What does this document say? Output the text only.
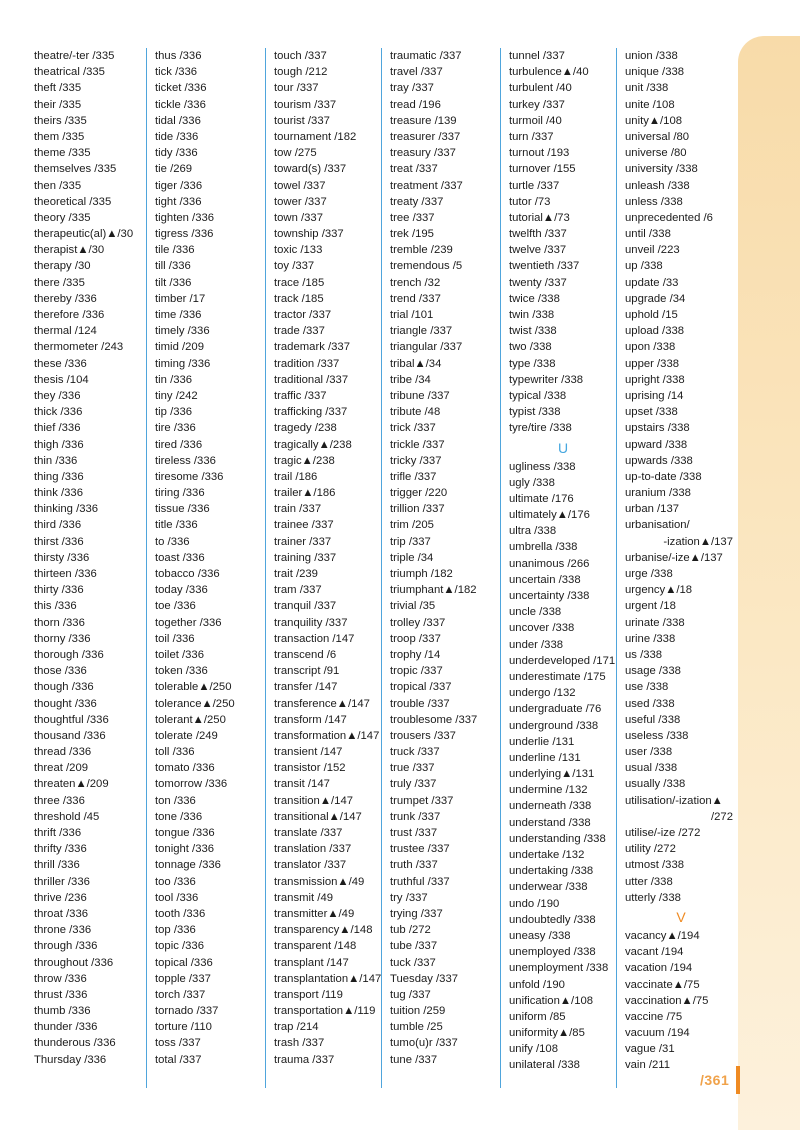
theatre/-ter /335
theatrical /335
theft /335
their /335
theirs /335
them /335
theme /335
themselves /335
then /335
theoretical /335
theory /335
therapeutic(al)▲/30
therapist▲/30
therapy /30
there /335
thereby /336
therefore /336
thermal /124
thermometer /243
these /336
thesis /104
they /336
thick /336
thief /336
thigh /336
thin /336
thing /336
think /336
thinking /336
third /336
thirst /336
thirsty /336
thirteen /336
thirty /336
this /336
thorn /336
thorny /336
thorough /336
those /336
though /336
thought /336
thoughtful /336
thousand /336
thread /336
threat /209
threaten▲/209
three /336
threshold /45
thrift /336
thrifty /336
thrill /336
thriller /336
thrive /236
throat /336
throne /336
through /336
throughout /336
throw /336
thrust /336
thumb /336
thunder /336
thunderous /336
Thursday /336
thus /336
tick /336
ticket /336
tickle /336
tidal /336
tide /336
tidy /336
tie /269
tiger /336
tight /336
tighten /336
tigress /336
tile /336
till /336
tilt /336
timber /17
time /336
timely /336
timid /209
timing /336
tin /336
tiny /242
tip /336
tire /336
tired /336
tireless /336
tiresome /336
tiring /336
tissue /336
title /336
to /336
toast /336
tobacco /336
today /336
toe /336
together /336
toil /336
toilet /336
token /336
tolerable▲/250
tolerance▲/250
tolerant▲/250
tolerate /249
toll /336
tomato /336
tomorrow /336
ton /336
tone /336
tongue /336
tonight /336
tonnage /336
too /336
tool /336
tooth /336
top /336
topic /336
topical /336
topple /337
torch /337
tornado /337
torture /110
toss /337
total /337
touch /337
tough /212
tour /337
tourism /337
tourist /337
tournament /182
tow /275
toward(s) /337
towel /337
tower /337
town /337
township /337
toxic /133
toy /337
trace /185
track /185
tractor /337
trade /337
trademark /337
tradition /337
traditional /337
traffic /337
trafficking /337
tragedy /238
tragically▲/238
tragic▲/238
trail /186
trailer▲/186
train /337
trainee /337
trainer /337
training /337
trait /239
tram /337
tranquil /337
tranquility /337
transaction /147
transcend /6
transcript /91
transfer /147
transference▲/147
transform /147
transformation▲/147
transient /147
transistor /152
transit /147
transition▲/147
transitional▲/147
translate /337
translation /337
translator /337
transmission▲/49
transmit /49
transmitter▲/49
transparency▲/148
transparent /148
transplant /147
transplantation▲/147
transport /119
transportation▲/119
trap /214
trash /337
trauma /337
traumatic /337
travel /337
tray /337
tread /196
treasure /139
treasurer /337
treasury /337
treat /337
treatment /337
treaty /337
tree /337
trek /195
tremble /239
tremendous /5
trench /32
trend /337
trial /101
triangle /337
triangular /337
tribal▲/34
tribe /34
tribune /337
tribute /48
trick /337
trickle /337
tricky /337
trifle /337
trigger /220
trillion /337
trim /205
trip /337
triple /34
triumph /182
triumphant▲/182
trivial /35
trolley /337
troop /337
trophy /14
tropic /337
tropical /337
trouble /337
troublesome /337
trousers /337
truck /337
true /337
truly /337
trumpet /337
trunk /337
trust /337
trustee /337
truth /337
truthful /337
try /337
trying /337
tub /272
tube /337
tuck /337
Tuesday /337
tug /337
tuition /259
tumble /25
tumo(u)r /337
tune /337
tunnel /337
turbulence▲/40
turbulent /40
turkey /337
turmoil /40
turn /337
turnout /193
turnover /155
turtle /337
tutor /73
tutorial▲/73
twelfth /337
twelve /337
twentieth /337
twenty /337
twice /338
twin /338
twist /338
two /338
type /338
typewriter /338
typical /338
typist /338
tyre/tire /338
U
ugliness /338
ugly /338
ultimate /176
ultimately▲/176
ultra /338
umbrella /338
unanimous /266
uncertain /338
uncertainty /338
uncle /338
uncover /338
under /338
underdeveloped /171
underestimate /175
undergo /132
undergraduate /76
underground /338
underlie /131
underline /131
underlying▲/131
undermine /132
underneath /338
understand /338
understanding /338
undertake /132
undertaking /338
underwear /338
undo /190
undoubtedly /338
uneasy /338
unemployed /338
unemployment /338
unfold /190
unification▲/108
uniform /85
uniformity▲/85
unify /108
unilateral /338
union /338
unique /338
unit /338
unite /108
unity▲/108
universal /80
universe /80
university /338
unleash /338
unless /338
unprecedented /6
until /338
unveil /223
up /338
update /33
upgrade /34
uphold /15
upload /338
upon /338
upper /338
upright /338
uprising /14
upset /338
upstairs /338
upward /338
upwards /338
up-to-date /338
uranium /338
urban /137
urbanisation/
-ization▲/137
urbanise/-ize▲/137
urge /338
urgency▲/18
urgent /18
urinate /338
urine /338
us /338
usage /338
use /338
used /338
useful /338
useless /338
user /338
usual /338
usually /338
utilisation/-ization▲
/272
utilise/-ize /272
utility /272
utmost /338
utter /338
utterly /338
V
vacancy▲/194
vacant /194
vacation /194
vaccinate▲/75
vaccination▲/75
vaccine /75
vacuum /194
vague /31
vain /211
/361
